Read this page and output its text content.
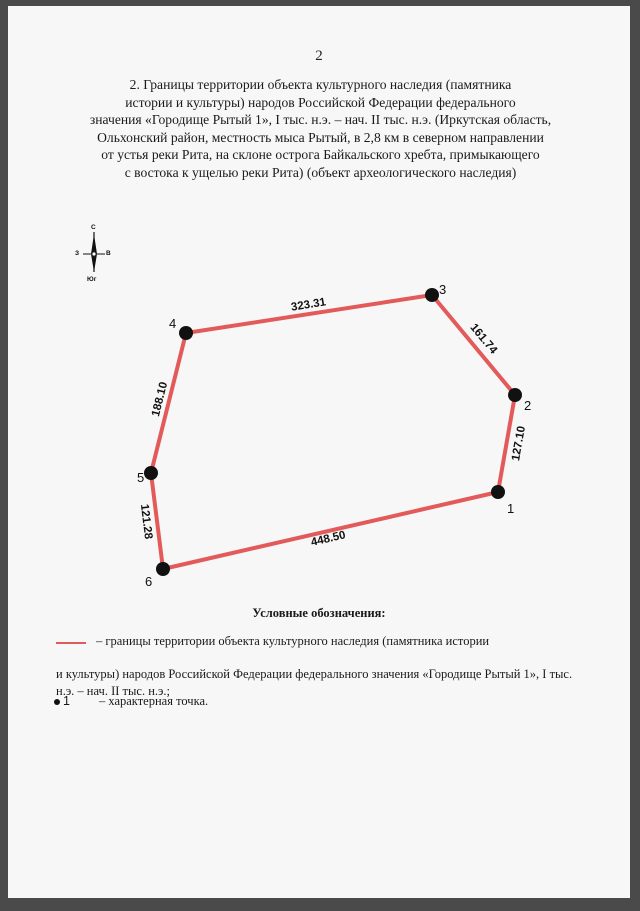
2
2. Границы территории объекта культурного наследия (памятника
истории и культуры) народов Российской Федерации федерального
значения «Городище Рытый 1», I тыс. н.э. – нач. II тыс. н.э. (Иркутская область,
Ольхонский район, местность мыса Рытый, в 2,8 км в северном направлении
от устья реки Рита, на склоне острога Байкальского хребта, примыкающего
с востока к ущелью реки Рита) (объект археологического наследия)
С
З	В
Юг
1
2
3
4
5
6
127.10
161.74
323.31
188.10
121.28	448.50
Условные обозначения:
– границы территории объекта культурного наследия (памятника истории
и культуры) народов Российской Федерации федерального значения «Городище Рытый 1», I тыс. н.э. – нач. II тыс. н.э.;
1 – характерная точка.
